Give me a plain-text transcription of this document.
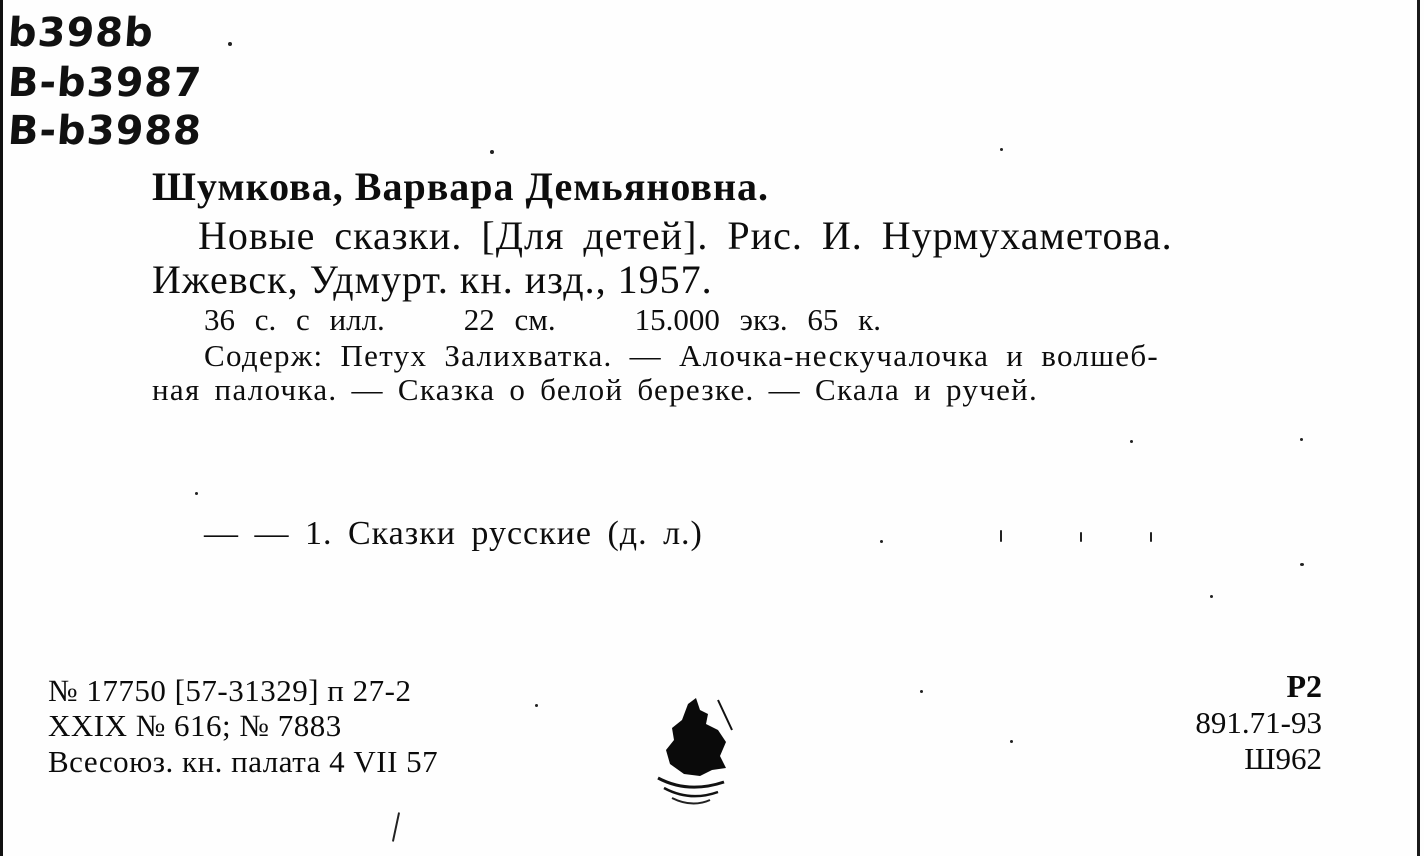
b398b
B-b3987
B-b3988
Шумкова, Варвара Демьяновна.
Новые сказки. [Для детей]. Рис. И. Нурмухаметова.
Ижевск, Удмурт. кн. изд., 1957.
36 с. с илл.    22 см.    15.000 экз. 65 к.
Содерж: Петух Залихватка. — Алочка-нескучалочка и волшеб-
ная палочка. — Сказка о белой березке. — Скала и ручей.
— — 1. Сказки русские (д. л.)
№ 17750 [57-31329] п 27-2
XXIX № 616; № 7883
Всесоюз. кн. палата 4 VII 57
Р2
891.71-93
Ш962
